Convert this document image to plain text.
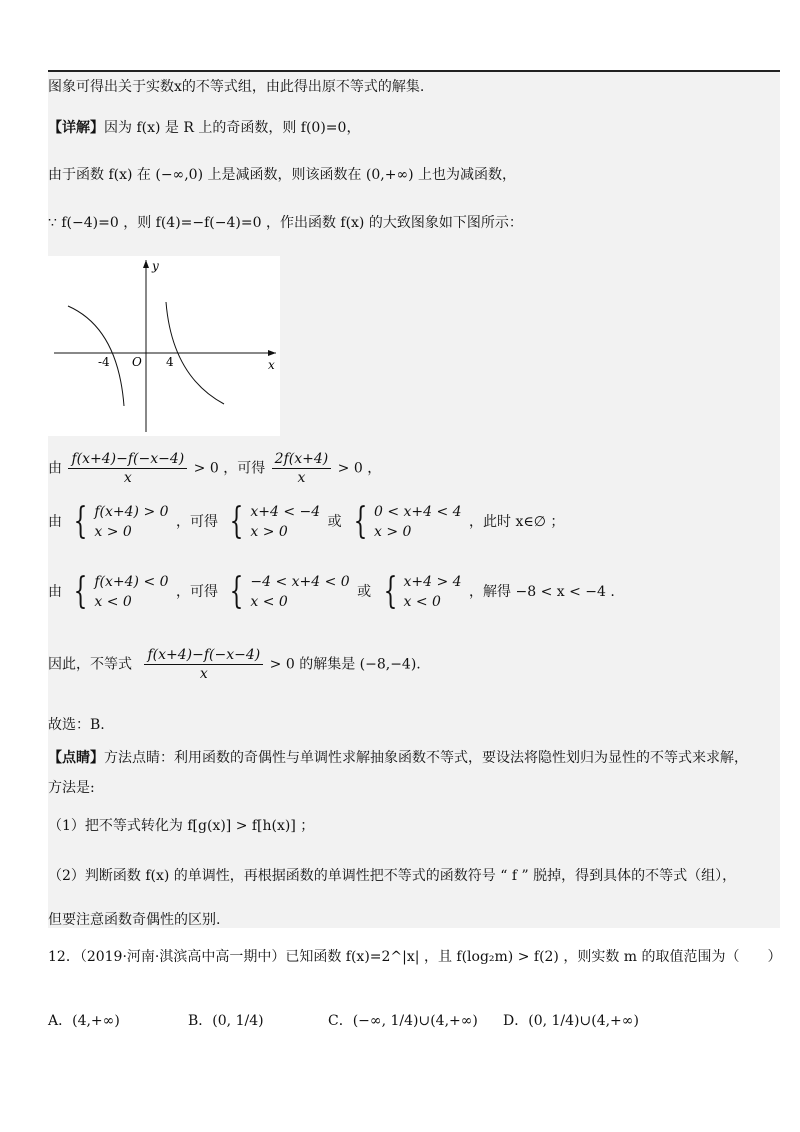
图象可得出关于实数x的不等式组，由此得出原不等式的解集.
【详解】因为 f(x) 是 R 上的奇函数，则 f(0)=0，
由于函数 f(x) 在 (−∞,0) 上是减函数，则该函数在 (0,+∞) 上也为减函数，
∵ f(−4)=0 ，则 f(4)=−f(−4)=0 ，作出函数 f(x) 的大致图象如下图所示：
y
x
O
-4	4
由 $\frac{f(x+4)-f(-x-4)}{x} > 0$ ，可得 $\frac{2f(x+4)}{x} > 0$ ，
由 { f(x+4) > 0
x > 0
，可得 { x+4 < −4
x > 0
或 { 0 < x+4 < 4
x > 0
，此时 x∈∅ ；
由 { f(x+4) < 0
x < 0
，可得 { −4 < x+4 < 0
x < 0
或 { x+4 > 4
x < 0
，解得 −8 < x < −4 .
因此，不等式 $\frac{f(x+4)-f(-x-4)}{x} > 0$ 的解集是 (−8,−4).
故选：B.
【点睛】方法点睛：利用函数的奇偶性与单调性求解抽象函数不等式，要设法将隐性划归为显性的不等式来求解，
方法是:
（1）把不等式转化为 f[g(x)] > f[h(x)] ；
（2）判断函数 f(x) 的单调性，再根据函数的单调性把不等式的函数符号 “ f ” 脱掉，得到具体的不等式（组），
但要注意函数奇偶性的区别.
12．（2019·河南·淇滨高中高一期中）已知函数 f(x)=2^|x| ，且 f(log₂m) > f(2) ，则实数 m 的取值范围为（　　）
A．(4,+∞)	B．(0, 1/4)	C．(−∞, 1/4)∪(4,+∞) D．(0, 1/4)∪(4,+∞)
